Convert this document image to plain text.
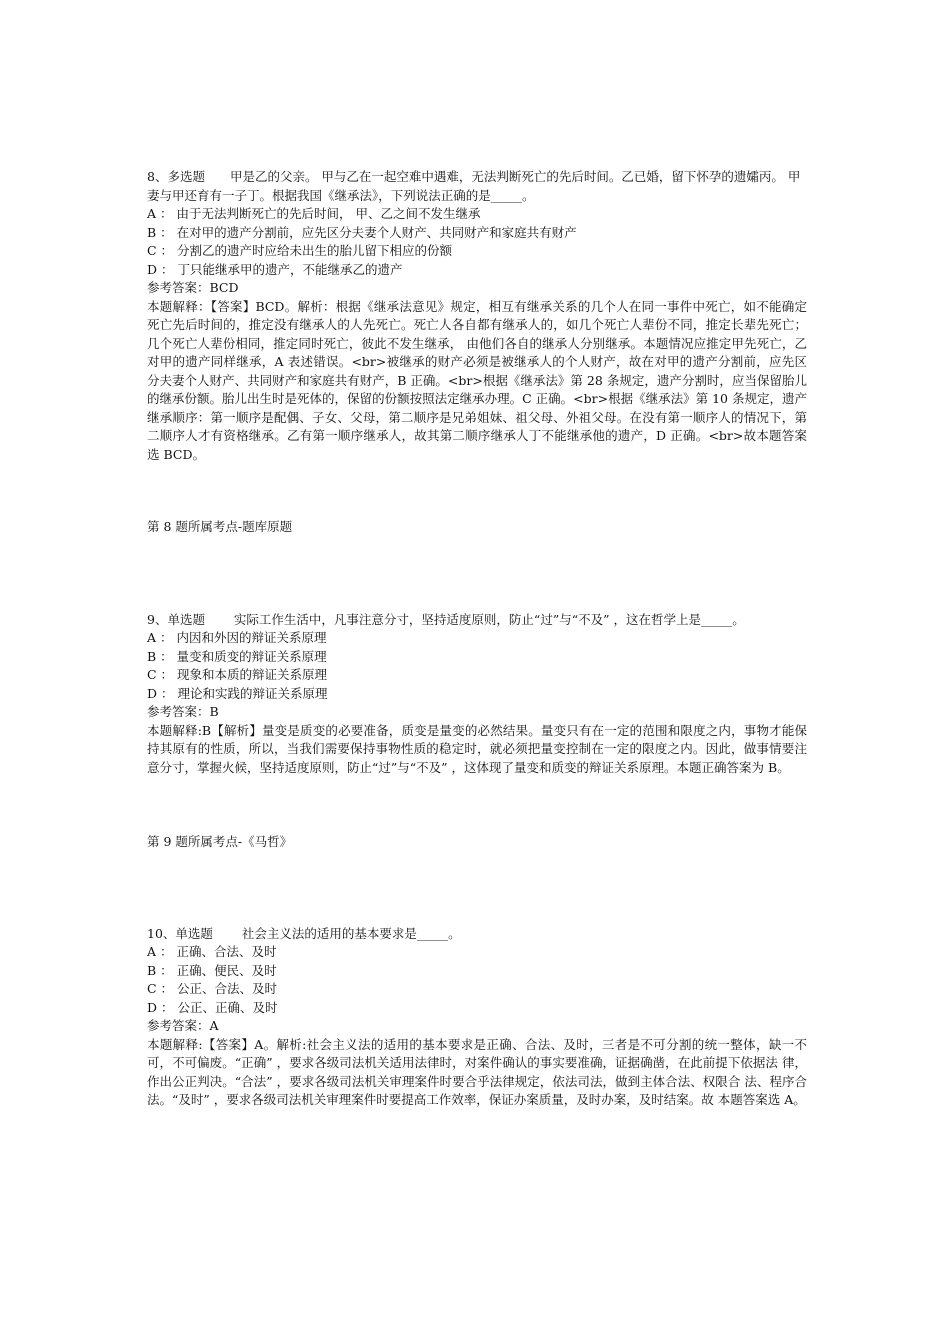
8、多选题　　甲是乙的父亲。 甲与乙在一起空难中遇难，无法判断死亡的先后时间。乙已婚，留下怀孕的遗孀丙。 甲妻与甲还育有一子丁。根据我国《继承法》，下列说法正确的是_____。
A ： 由于无法判断死亡的先后时间， 甲、乙之间不发生继承
B ： 在对甲的遗产分割前，应先区分夫妻个人财产、共同财产和家庭共有财产
C ： 分割乙的遗产时应给未出生的胎儿留下相应的份额
D ： 丁只能继承甲的遗产，不能继承乙的遗产
参考答案：BCD
本题解释：【答案】BCD。解析：根据《继承法意见》规定，相互有继承关系的几个人在同一事件中死亡，如不能确定死亡先后时间的，推定没有继承人的人先死亡。死亡人各自都有继承人的，如几个死亡人辈份不同，推定长辈先死亡；几个死亡人辈份相同，推定同时死亡，彼此不发生继承， 由他们各自的继承人分别继承。本题情况应推定甲先死亡，乙对甲的遗产同样继承，A 表述错误。<br>被继承的财产必须是被继承人的个人财产，故在对甲的遗产分割前，应先区分夫妻个人财产、共同财产和家庭共有财产，B 正确。<br>根据《继承法》第 28 条规定，遗产分割时，应当保留胎儿的继承份额。胎儿出生时是死体的，保留的份额按照法定继承办理。C 正确。<br>根据《继承法》第 10 条规定，遗产继承顺序：第一顺序是配偶、子女、父母，第二顺序是兄弟姐妹、祖父母、外祖父母。在没有第一顺序人的情况下，第二顺序人才有资格继承。乙有第一顺序继承人，故其第二顺序继承人丁不能继承他的遗产，D 正确。<br>故本题答案选 BCD。
第 8 题所属考点-题库原题
9、单选题　　 实际工作生活中，凡事注意分寸，坚持适度原则，防止“过”与“不及” ，这在哲学上是_____。
A ： 内因和外因的辩证关系原理
B ： 量变和质变的辩证关系原理
C ： 现象和本质的辩证关系原理
D ： 理论和实践的辩证关系原理
参考答案：B
本题解释:B【解析】量变是质变的必要准备，质变是量变的必然结果。量变只有在一定的范围和限度之内，事物才能保持其原有的性质，所以，当我们需要保持事物性质的稳定时，就必须把量变控制在一定的限度之内。因此，做事情要注意分寸，掌握火候，坚持适度原则，防止“过”与“不及” ，这体现了量变和质变的辩证关系原理。本题正确答案为 B。
第 9 题所属考点-《马哲》
10、单选题　　 社会主义法的适用的基本要求是_____。
A ： 正确、合法、及时
B ： 正确、便民、及时
C ： 公正、合法、及时
D ： 公正、正确、及时
参考答案：A
本题解释:【答案】A。解析:社会主义法的适用的基本要求是正确、合法、及时，三者是不可分割的统一整体，缺一不 可，不可偏废。“正确” ，要求各级司法机关适用法律时，对案件确认的事实要准确，证据确凿，在此前提下依据法 律，作出公正判决。“合法” ，要求各级司法机关审理案件时要合乎法律规定，依法司法，做到主体合法、权限合 法、程序合法。“及时” ，要求各级司法机关审理案件时要提高工作效率，保证办案质量，及时办案，及时结案。故 本题答案选 A。
